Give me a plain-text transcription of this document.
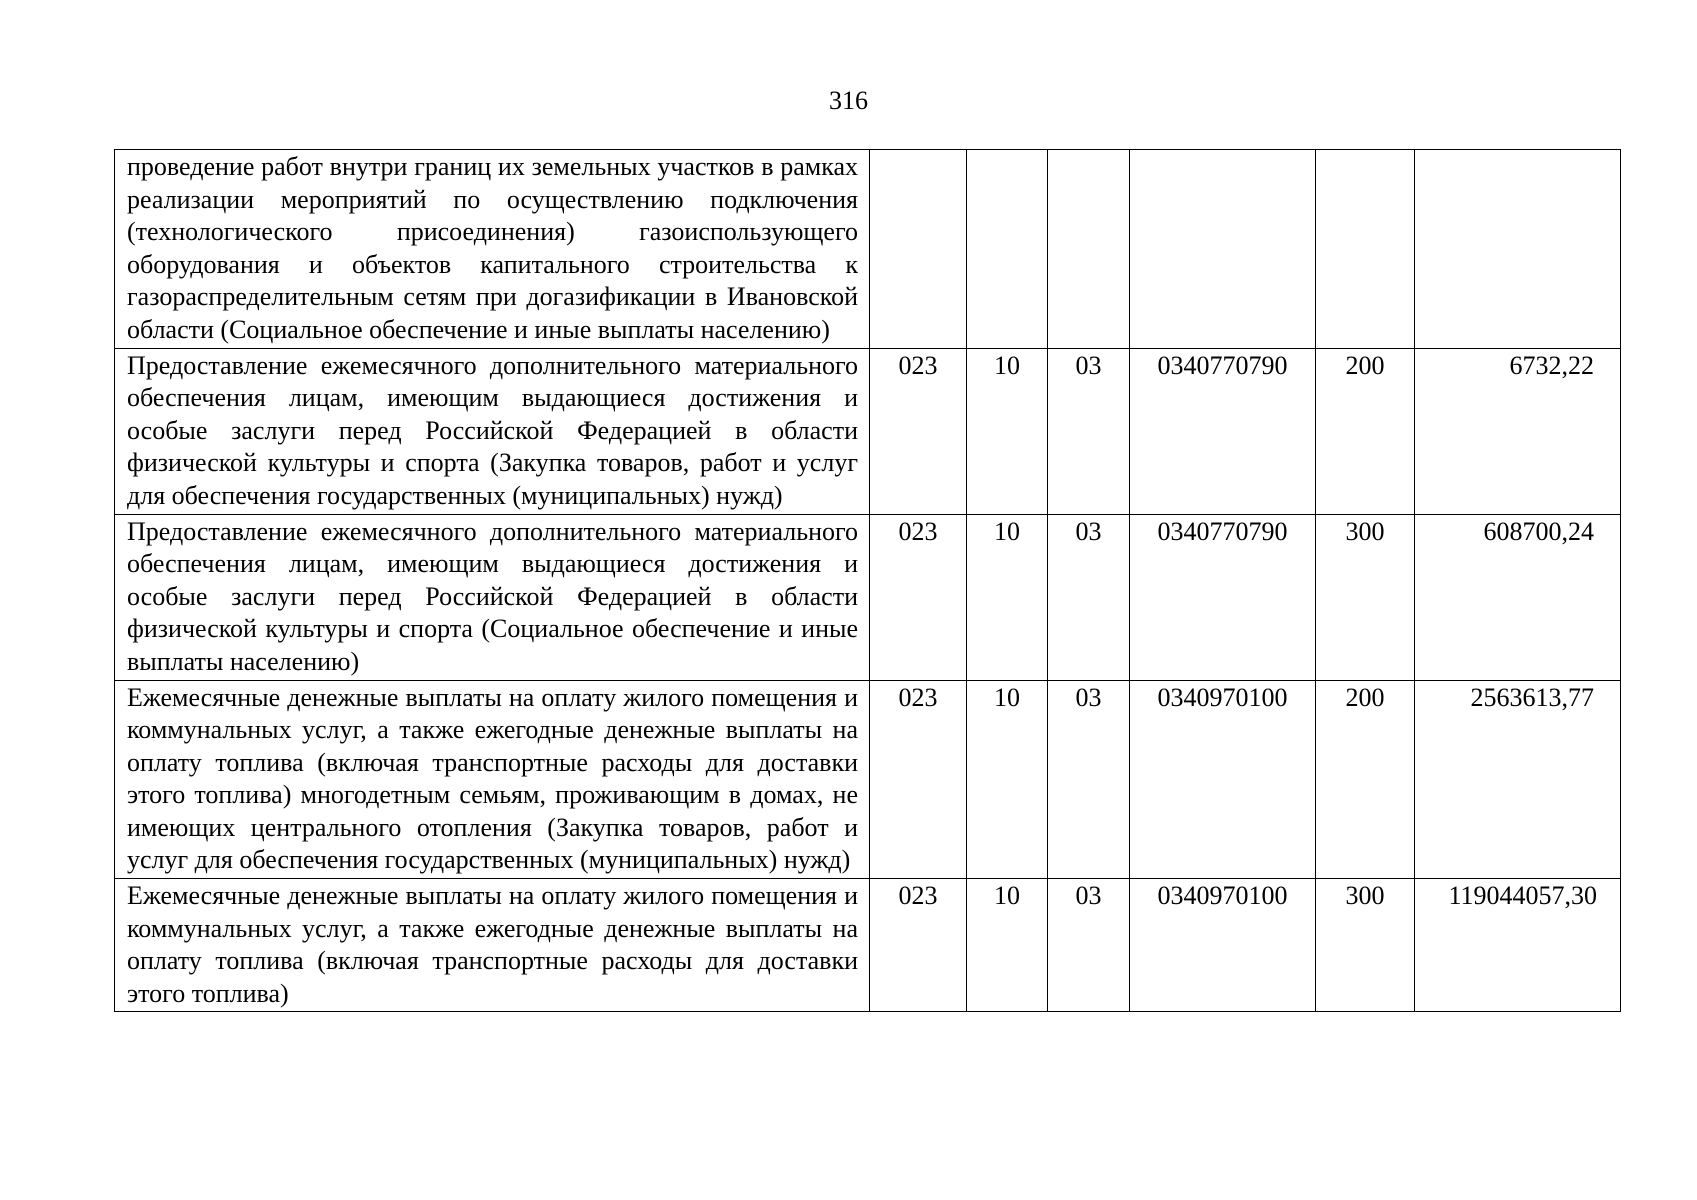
316
проведение работ внутри границ их земельных участков в рамках реализации мероприятий по осуществлению подключения (технологического присоединения) газоиспользующего оборудования и объектов капитального строительства к газораспределительным сетям при догазификации в Ивановской области (Социальное обеспечение и иные выплаты населению)						

Предоставление ежемесячного дополнительного материального обеспечения лицам, имеющим выдающиеся достижения и особые заслуги перед Российской Федерацией в области физической культуры и спорта (Закупка товаров, работ и услуг для обеспечения государственных (муниципальных) нужд)	023	10	03	0340770790	200	6732,22

Предоставление ежемесячного дополнительного материального обеспечения лицам, имеющим выдающиеся достижения и особые заслуги перед Российской Федерацией в области физической культуры и спорта (Социальное обеспечение и иные выплаты населению)	023	10	03	0340770790	300	608700,24

Ежемесячные денежные выплаты на оплату жилого помещения и коммунальных услуг, а также ежегодные денежные выплаты на оплату топлива (включая транспортные расходы для доставки этого топлива) многодетным семьям, проживающим в домах, не имеющих центрального отопления (Закупка товаров, работ и услуг для обеспечения государственных (муниципальных) нужд)	023	10	03	0340970100	200	2563613,77

Ежемесячные денежные выплаты на оплату жилого помещения и коммунальных услуг, а также ежегодные денежные выплаты на оплату топлива (включая транспортные расходы для доставки этого топлива)	023	10	03	0340970100	300	119044057,30
